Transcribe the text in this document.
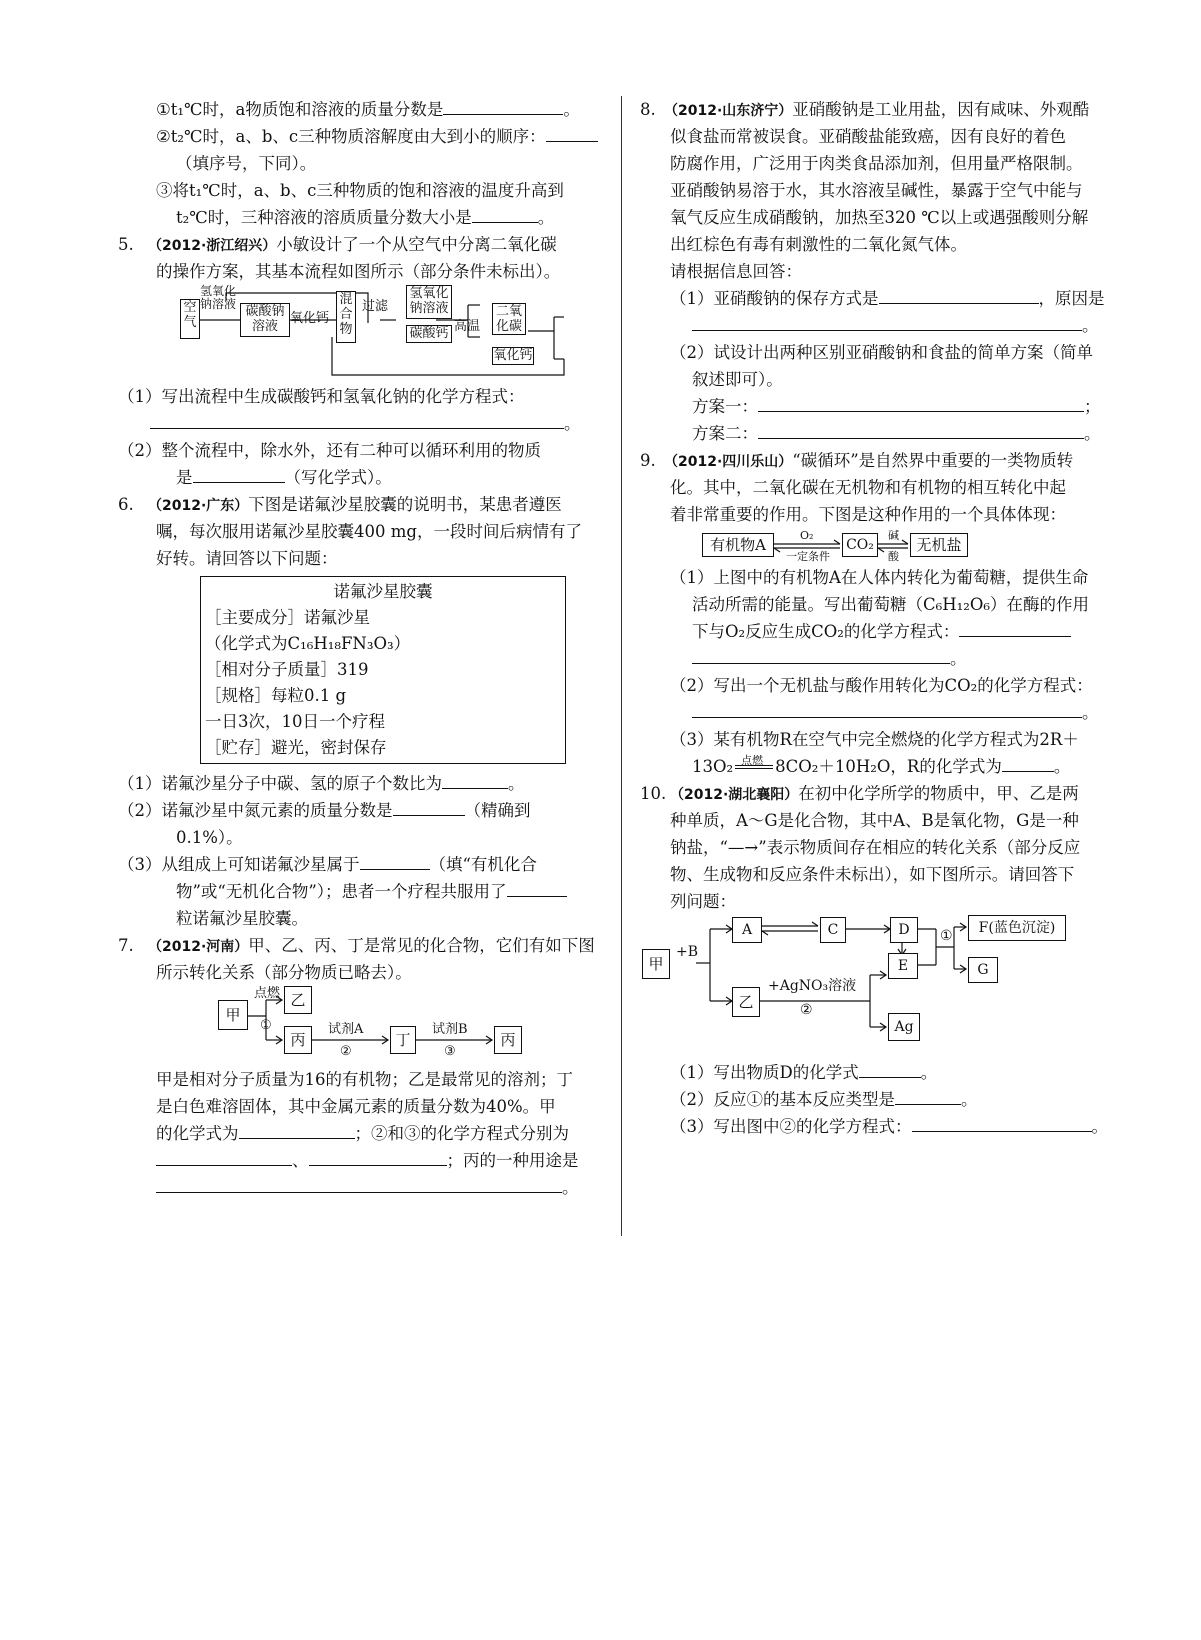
①t₁℃时，a物质饱和溶液的质量分数是	。
②t₂℃时，a、b、c三种物质溶解度由大到小的顺序：
（填序号，下同）。
③将t₁℃时，a、b、c三种物质的饱和溶液的温度升高到
t₂℃时，三种溶液的溶质质量分数大小是	。
5. （2012·浙江绍兴）小敏设计了一个从空气中分离二氧化碳
的操作方案，其基本流程如图所示（部分条件未标出）。
空气
氢氧化钠溶液 碳酸钠溶液
氧化钙
混合物
过滤
氢氧化钠溶液
碳酸钙 高温
二氧化碳
氧化钙
（1）写出流程中生成碳酸钙和氢氧化钠的化学方程式：
。
（2）整个流程中，除水外，还有二种可以循环利用的物质
是	（写化学式）。
6. （2012·广东）下图是诺氟沙星胶囊的说明书，某患者遵医
嘱，每次服用诺氟沙星胶囊400 mg，一段时间后病情有了
好转。请回答以下问题：
诺氟沙星胶囊
［主要成分］诺氟沙星
（化学式为C₁₆H₁₈FN₃O₃）
［相对分子质量］319
［规格］每粒0.1 g
一日3次，10日一个疗程
［贮存］避光，密封保存
（1）诺氟沙星分子中碳、氢的原子个数比为	。
（2）诺氟沙星中氮元素的质量分数是	（精确到
0.1%）。
（3）从组成上可知诺氟沙星属于	（填“有机化合
物”或“无机化合物”）；患者一个疗程共服用了
粒诺氟沙星胶囊。
7. （2012·河南）甲、乙、丙、丁是常见的化合物，它们有如下图
所示转化关系（部分物质已略去）。
甲
点燃
①
乙
丙
试剂A
②
丁
试剂B
③
丙
甲是相对分子质量为16的有机物；乙是最常见的溶剂；丁
是白色难溶固体，其中金属元素的质量分数为40%。甲
的化学式为	；②和③的化学方程式分别为
、	；丙的一种用途是
。
8. （2012·山东济宁）亚硝酸钠是工业用盐，因有咸味、外观酷
似食盐而常被误食。亚硝酸盐能致癌，因有良好的着色
防腐作用，广泛用于肉类食品添加剂，但用量严格限制。
亚硝酸钠易溶于水，其水溶液呈碱性，暴露于空气中能与
氧气反应生成硝酸钠，加热至320 ℃以上或遇强酸则分解
出红棕色有毒有刺激性的二氧化氮气体。
请根据信息回答：
（1）亚硝酸钠的保存方式是	，原因是
。
（2）试设计出两种区别亚硝酸钠和食盐的简单方案（简单
叙述即可）。
方案一：	；
方案二：	。
9. （2012·四川乐山）“碳循环”是自然界中重要的一类物质转
化。其中，二氧化碳在无机物和有机物的相互转化中起
着非常重要的作用。下图是这种作用的一个具体体现：
有机物A
O₂
一定条件
CO₂
碱
酸
无机盐
（1）上图中的有机物A在人体内转化为葡萄糖，提供生命
活动所需的能量。写出葡萄糖（C₆H₁₂O₆）在酶的作用
下与O₂反应生成CO₂的化学方程式：
。
（2）写出一个无机盐与酸作用转化为CO₂的化学方程式：
。
（3）某有机物R在空气中完全燃烧的化学方程式为2R＋
13O₂ 点燃 8CO₂＋10H₂O，R的化学式为	。
10. （2012·湖北襄阳）在初中化学所学的物质中，甲、乙是两
种单质，A～G是化合物，其中A、B是氧化物，G是一种
钠盐，“—→”表示物质间存在相应的转化关系（部分反应
物、生成物和反应条件未标出），如下图所示。请回答下
列问题：
甲
+B
A	C	D	①	F(蓝色沉淀)
G
E
乙
+AgNO₃溶液
②
Ag
（1）写出物质D的化学式	。
（2）反应①的基本反应类型是	。
（3）写出图中②的化学方程式：	。
